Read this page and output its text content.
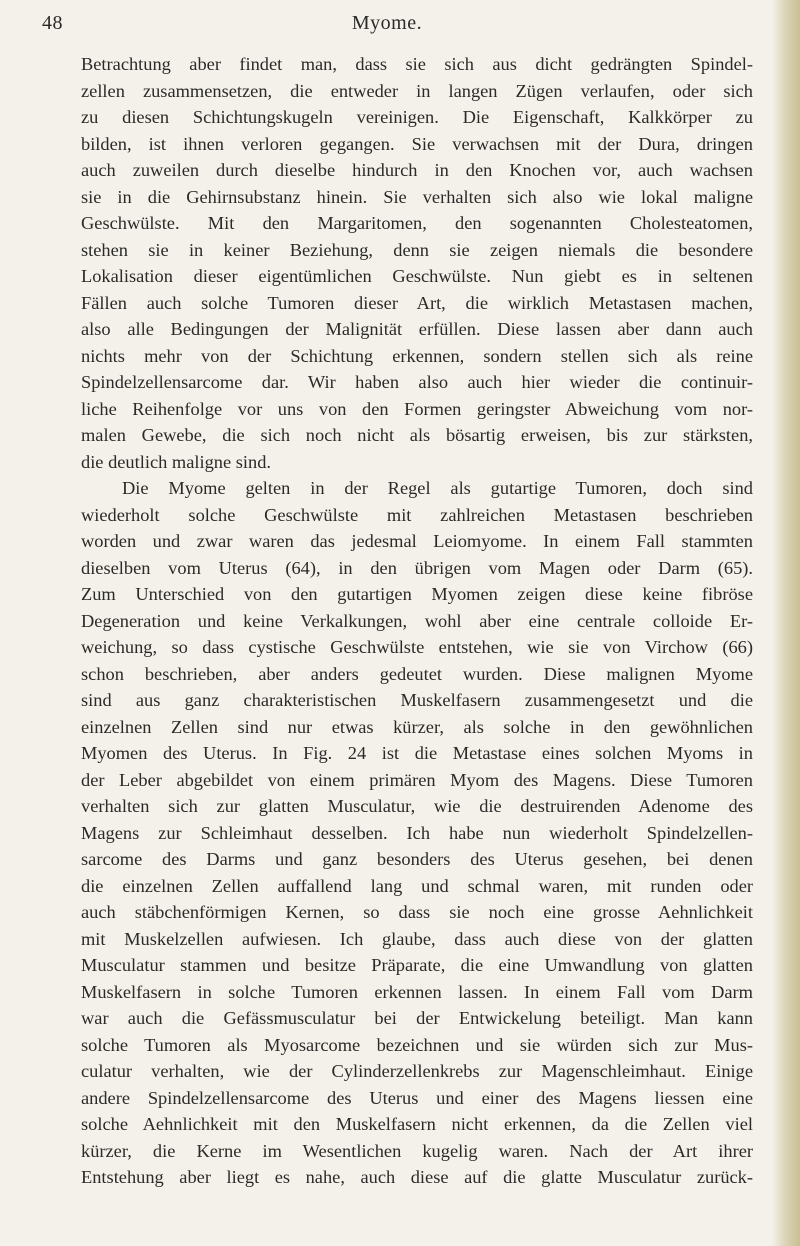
48	Myome.

Betrachtung aber findet man, dass sie sich aus dicht gedrängten Spindel-

zellen zusammensetzen, die entweder in langen Zügen verlaufen, oder sich

zu diesen Schichtungskugeln vereinigen. Die Eigenschaft, Kalkkörper zu

bilden, ist ihnen verloren gegangen. Sie verwachsen mit der Dura, dringen

auch zuweilen durch dieselbe hindurch in den Knochen vor, auch wachsen

sie in die Gehirnsubstanz hinein. Sie verhalten sich also wie lokal maligne

Geschwülste. Mit den Margaritomen, den sogenannten Cholesteatomen,

stehen sie in keiner Beziehung, denn sie zeigen niemals die besondere

Lokalisation dieser eigentümlichen Geschwülste. Nun giebt es in seltenen

Fällen auch solche Tumoren dieser Art, die wirklich Metastasen machen,

also alle Bedingungen der Malignität erfüllen. Diese lassen aber dann auch

nichts mehr von der Schichtung erkennen, sondern stellen sich als reine

Spindelzellensarcome dar. Wir haben also auch hier wieder die continuir-

liche Reihenfolge vor uns von den Formen geringster Abweichung vom nor-

malen Gewebe, die sich noch nicht als bösartig erweisen, bis zur stärksten,

die deutlich maligne sind.

Die Myome gelten in der Regel als gutartige Tumoren, doch sind

wiederholt solche Geschwülste mit zahlreichen Metastasen beschrieben

worden und zwar waren das jedesmal Leiomyome. In einem Fall stammten

dieselben vom Uterus (64), in den übrigen vom Magen oder Darm (65).

Zum Unterschied von den gutartigen Myomen zeigen diese keine fibröse

Degeneration und keine Verkalkungen, wohl aber eine centrale colloide Er-

weichung, so dass cystische Geschwülste entstehen, wie sie von Virchow (66)

schon beschrieben, aber anders gedeutet wurden. Diese malignen Myome

sind aus ganz charakteristischen Muskelfasern zusammengesetzt und die

einzelnen Zellen sind nur etwas kürzer, als solche in den gewöhnlichen

Myomen des Uterus. In Fig. 24 ist die Metastase eines solchen Myoms in

der Leber abgebildet von einem primären Myom des Magens. Diese Tumoren

verhalten sich zur glatten Musculatur, wie die destruirenden Adenome des

Magens zur Schleimhaut desselben. Ich habe nun wiederholt Spindelzellen-

sarcome des Darms und ganz besonders des Uterus gesehen, bei denen

die einzelnen Zellen auffallend lang und schmal waren, mit runden oder

auch stäbchenförmigen Kernen, so dass sie noch eine grosse Aehnlichkeit

mit Muskelzellen aufwiesen. Ich glaube, dass auch diese von der glatten

Musculatur stammen und besitze Präparate, die eine Umwandlung von glatten

Muskelfasern in solche Tumoren erkennen lassen. In einem Fall vom Darm

war auch die Gefässmusculatur bei der Entwickelung beteiligt. Man kann

solche Tumoren als Myosarcome bezeichnen und sie würden sich zur Mus-

culatur verhalten, wie der Cylinderzellenkrebs zur Magenschleimhaut. Einige

andere Spindelzellensarcome des Uterus und einer des Magens liessen eine

solche Aehnlichkeit mit den Muskelfasern nicht erkennen, da die Zellen viel

kürzer, die Kerne im Wesentlichen kugelig waren. Nach der Art ihrer

Entstehung aber liegt es nahe, auch diese auf die glatte Musculatur zurück-
